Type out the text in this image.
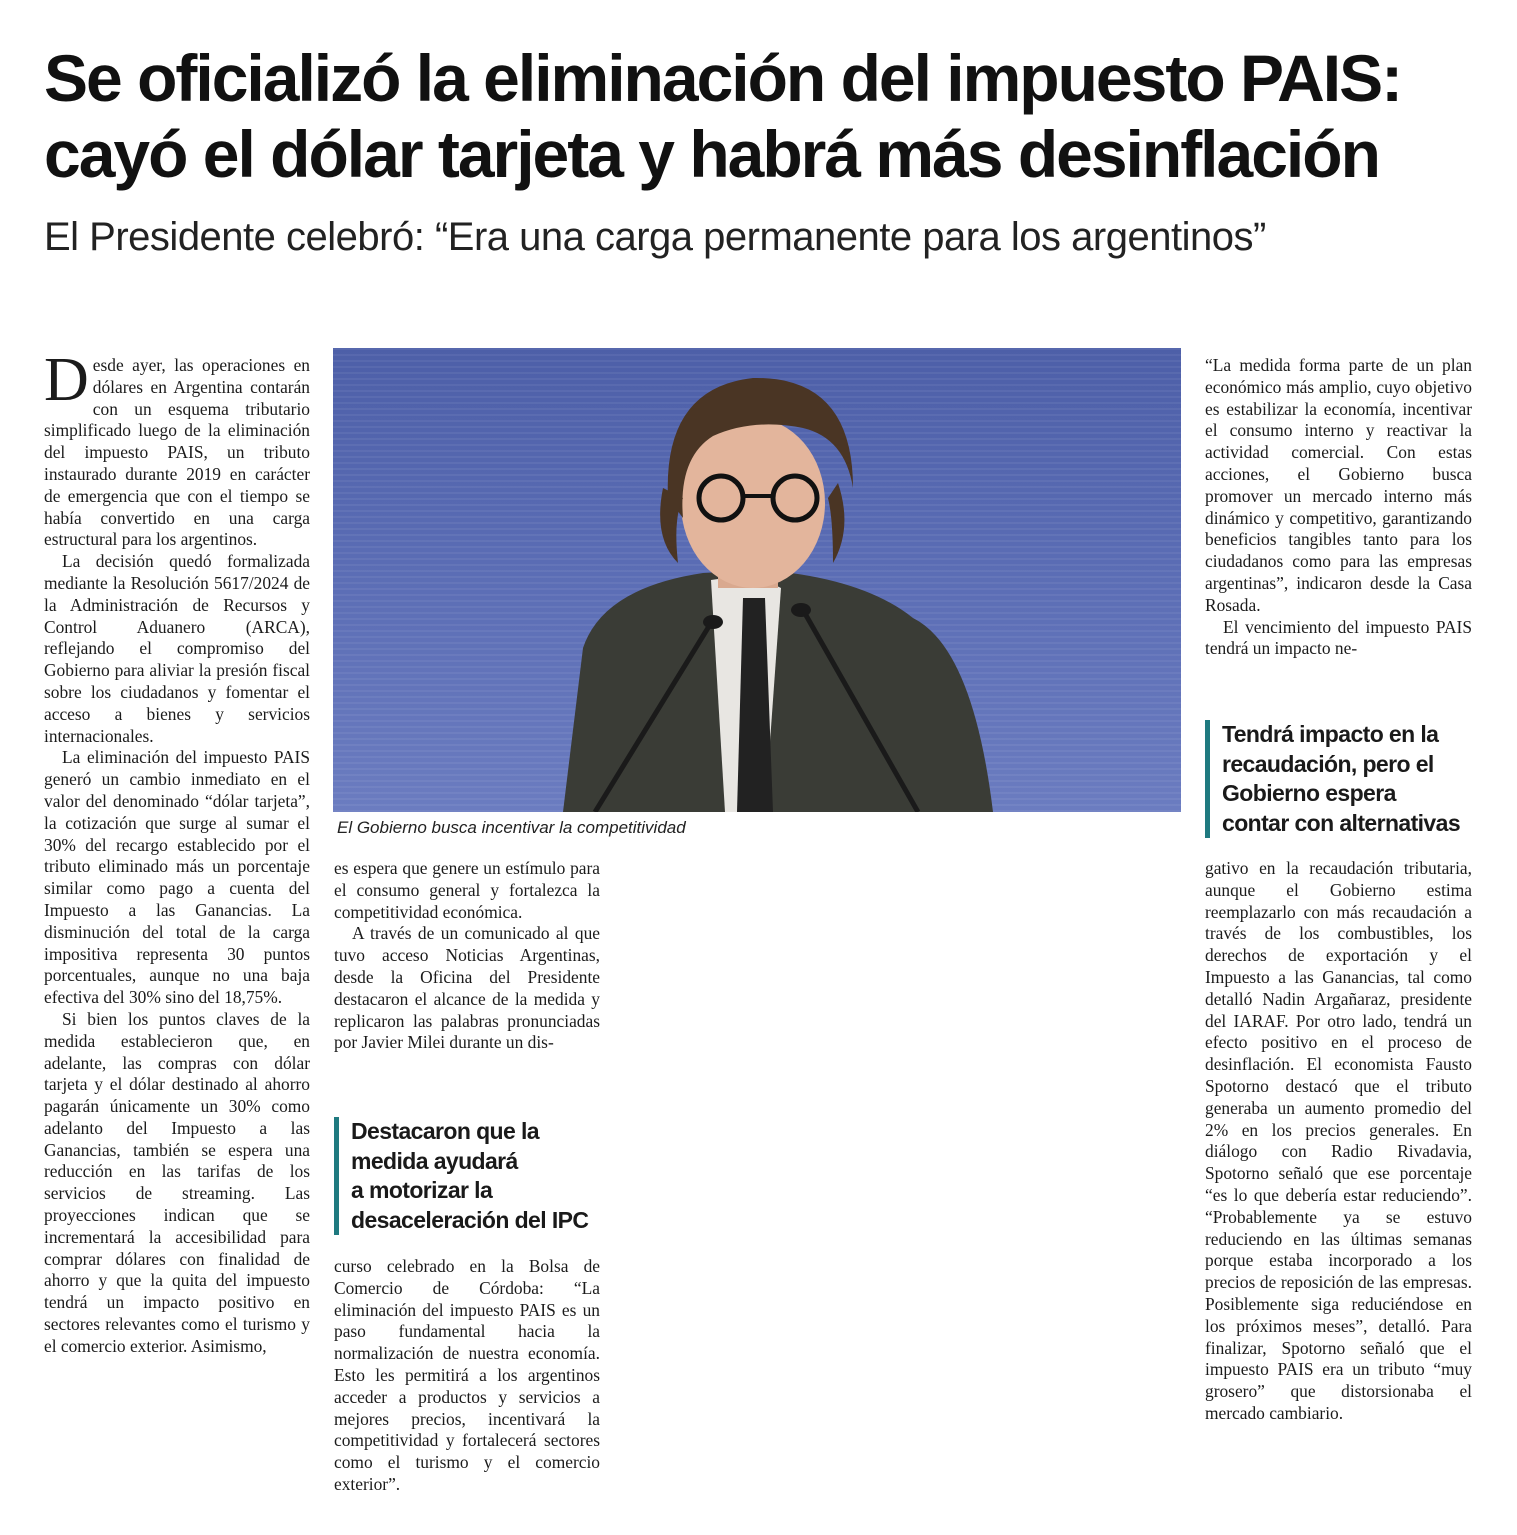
Se oficializó la eliminación del impuesto PAIS:
cayó el dólar tarjeta y habrá más desinflación
El Presidente celebró: “Era una carga permanente para los argentinos”

Desde ayer, las operaciones en dólares en Argentina contarán con un esquema tributario simplificado luego de la eliminación del impuesto PAIS, un tributo instaurado durante 2019 en carácter de emergencia que con el tiempo se había convertido en una carga estructural para los argentinos.

La decisión quedó formalizada mediante la Resolución 5617/2024 de la Administración de Recursos y Control Aduanero (ARCA), reflejando el compromiso del Gobierno para aliviar la presión fiscal sobre los ciudadanos y fomentar el acceso a bienes y servicios internacionales.

La eliminación del impuesto PAIS generó un cambio inmediato en el valor del denominado “dólar tarjeta”, la cotización que surge al sumar el 30% del recargo establecido por el tributo eliminado más un porcentaje similar como pago a cuenta del Impuesto a las Ganancias. La disminución del total de la carga impositiva representa 30 puntos porcentuales, aunque no una baja efectiva del 30% sino del 18,75%.

Si bien los puntos claves de la medida establecieron que, en adelante, las compras con dólar tarjeta y el dólar destinado al ahorro pagarán únicamente un 30% como adelanto del Impuesto a las Ganancias, también se espera una reducción en las tarifas de los servicios de streaming. Las proyecciones indican que se incrementará la accesibilidad para comprar dólares con finalidad de ahorro y que la quita del impuesto tendrá un impacto positivo en sectores relevantes como el turismo y el comercio exterior. Asimismo,

El Gobierno busca incentivar la competitividad

es espera que genere un estímulo para el consumo general y fortalezca la competitividad económica.

A través de un comunicado al que tuvo acceso Noticias Argentinas, desde la Oficina del Presidente destacaron el alcance de la medida y replicaron las palabras pronunciadas por Javier Milei durante un dis-

Destacaron que la
medida ayudará
a motorizar la
desaceleración del IPC

curso celebrado en la Bolsa de Comercio de Córdoba: “La eliminación del impuesto PAIS es un paso fundamental hacia la normalización de nuestra economía. Esto les permitirá a los argentinos acceder a productos y servicios a mejores precios, incentivará la competitividad y fortalecerá sectores como el turismo y el comercio exterior”.

“La medida forma parte de un plan económico más amplio, cuyo objetivo es estabilizar la economía, incentivar el consumo interno y reactivar la actividad comercial. Con estas acciones, el Gobierno busca promover un mercado interno más dinámico y competitivo, garantizando beneficios tangibles tanto para los ciudadanos como para las empresas argentinas”, indicaron desde la Casa Rosada.

El vencimiento del impuesto PAIS tendrá un impacto ne-

Tendrá impacto en la
recaudación, pero el
Gobierno espera
contar con alternativas

gativo en la recaudación tributaria, aunque el Gobierno estima reemplazarlo con más recaudación a través de los combustibles, los derechos de exportación y el Impuesto a las Ganancias, tal como detalló Nadin Argañaraz, presidente del IARAF. Por otro lado, tendrá un efecto positivo en el proceso de desinflación. El economista Fausto Spotorno destacó que el tributo generaba un aumento promedio del 2% en los precios generales. En diálogo con Radio Rivadavia, Spotorno señaló que ese porcentaje “es lo que debería estar reduciendo”. “Probablemente ya se estuvo reduciendo en las últimas semanas porque estaba incorporado a los precios de reposición de las empresas. Posiblemente siga reduciéndose en los próximos meses”, detalló. Para finalizar, Spotorno señaló que el impuesto PAIS era un tributo “muy grosero” que distorsionaba el mercado cambiario.
